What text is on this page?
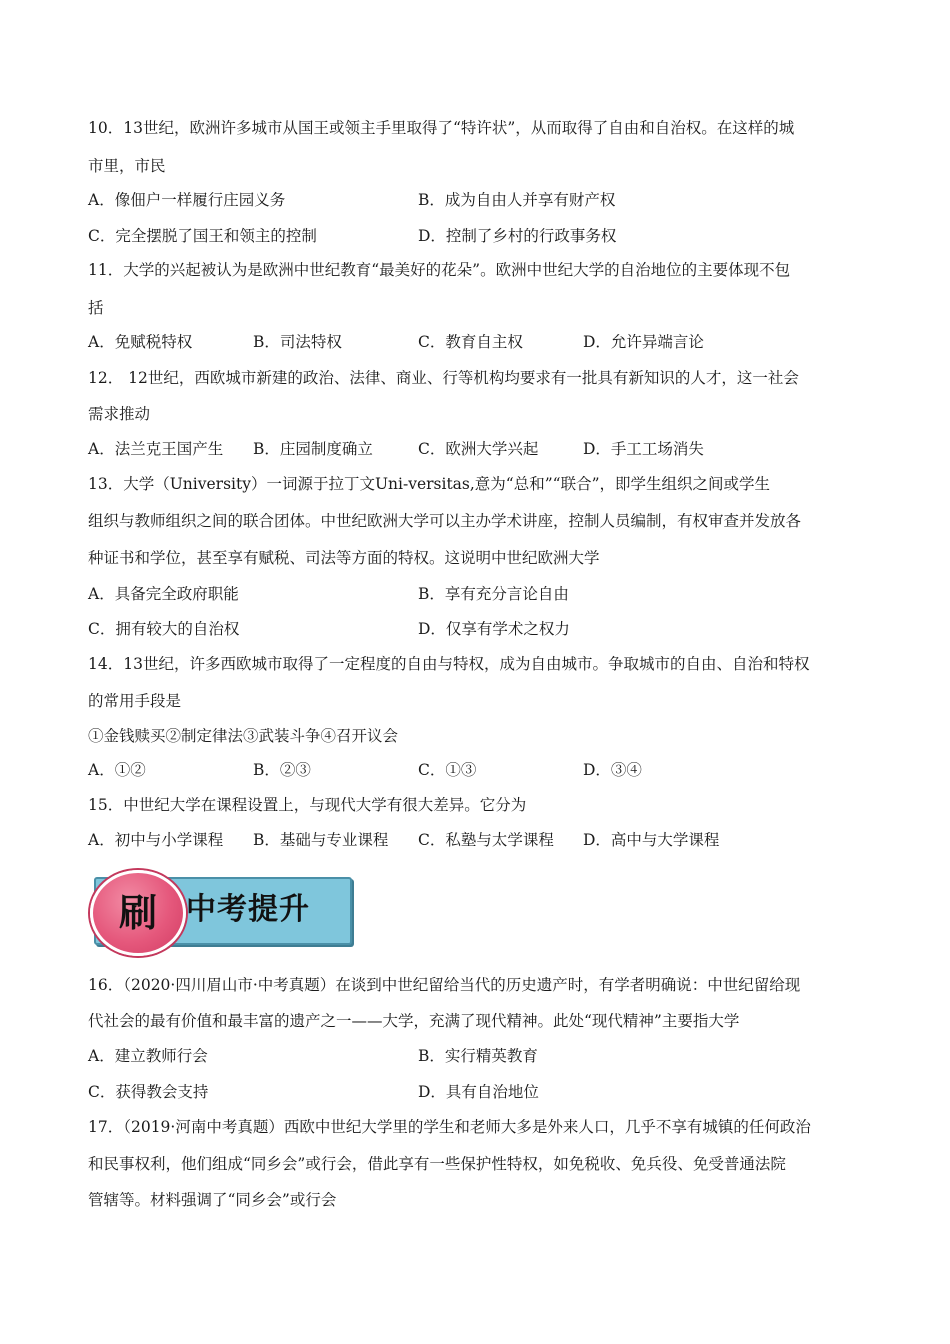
10．13世纪，欧洲许多城市从国王或领主手里取得了“特许状”，从而取得了自由和自治权。在这样的城
市里，市民
A．像佃户一样履行庄园义务	B．成为自由人并享有财产权
C．完全摆脱了国王和领主的控制	D．控制了乡村的行政事务权
11．大学的兴起被认为是欧洲中世纪教育“最美好的花朵”。欧洲中世纪大学的自治地位的主要体现不包
括
A．免赋税特权	B．司法特权	C．教育自主权	D．允许异端言论
12． 12世纪，西欧城市新建的政治、法律、商业、行等机构均要求有一批具有新知识的人才，这一社会
需求推动
A．法兰克王国产生 B．庄园制度确立	C．欧洲大学兴起	D．手工工场消失
13．大学（University）一词源于拉丁文Uni-versitas,意为“总和”“联合”，即学生组织之间或学生
组织与教师组织之间的联合团体。中世纪欧洲大学可以主办学术讲座，控制人员编制，有权审查并发放各
种证书和学位，甚至享有赋税、司法等方面的特权。这说明中世纪欧洲大学
A．具备完全政府职能	B．享有充分言论自由
C．拥有较大的自治权	D．仅享有学术之权力
14．13世纪，许多西欧城市取得了一定程度的自由与特权，成为自由城市。争取城市的自由、自治和特权
的常用手段是
①金钱赎买②制定律法③武装斗争④召开议会
A．①②	B．②③	C．①③	D．③④
15．中世纪大学在课程设置上，与现代大学有很大差异。它分为
A．初中与小学课程 B．基础与专业课程 C．私塾与太学课程 D．高中与大学课程
刷 中考提升
16．（2020·四川眉山市·中考真题）在谈到中世纪留给当代的历史遗产时，有学者明确说：中世纪留给现
代社会的最有价值和最丰富的遗产之一——大学，充满了现代精神。此处“现代精神”主要指大学
A．建立教师行会	B．实行精英教育
C．获得教会支持	D．具有自治地位
17．（2019·河南中考真题）西欧中世纪大学里的学生和老师大多是外来人口，几乎不享有城镇的任何政治
和民事权利，他们组成“同乡会”或行会，借此享有一些保护性特权，如免税收、免兵役、免受普通法院
管辖等。材料强调了“同乡会”或行会
